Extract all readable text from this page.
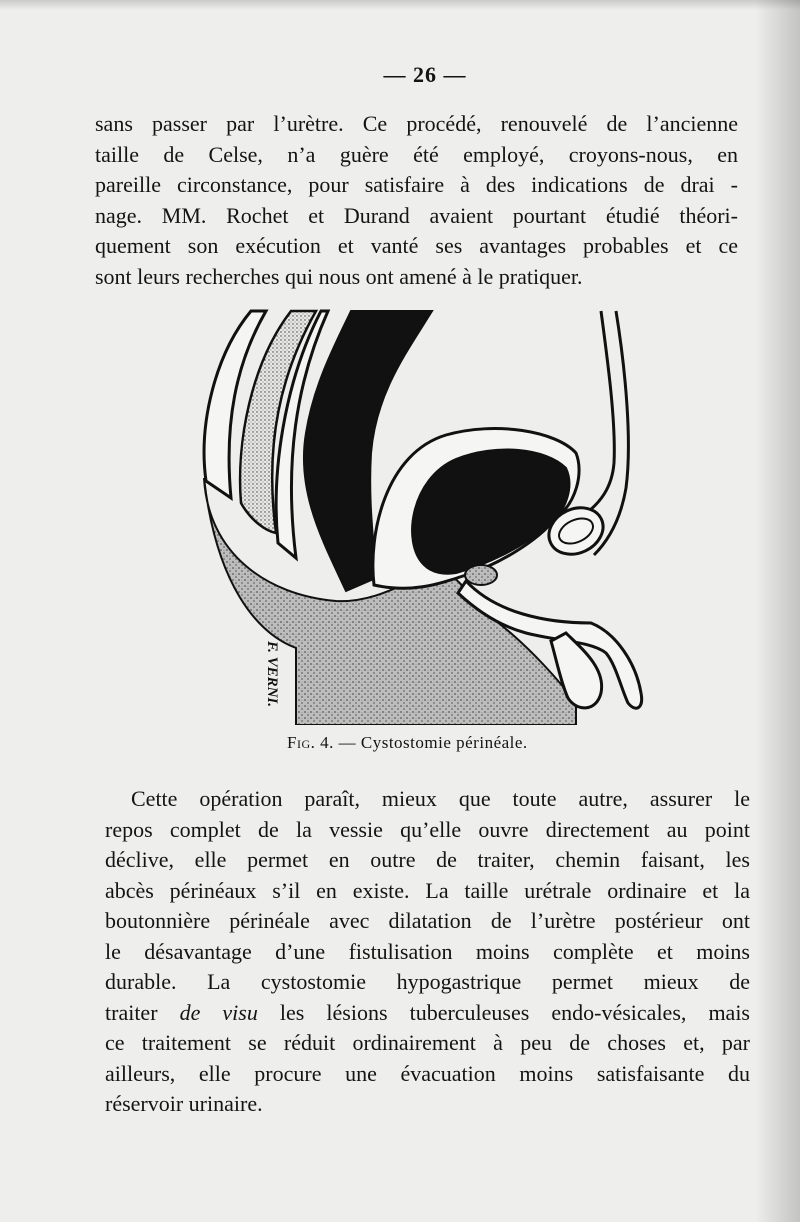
— 26 —

sans passer par l’urètre. Ce procédé, renouvelé de l’ancienne
taille de Celse, n’a guère été employé, croyons-nous, en
pareille circonstance, pour satisfaire à des indications de drai -
nage. MM. Rochet et Durand avaient pourtant étudié théori-
quement son exécution et vanté ses avantages probables et ce
sont leurs recherches qui nous ont amené à le pratiquer.

F. VERNI.
Fig. 4. — Cystostomie périnéale.

Cette opération paraît, mieux que toute autre, assurer le
repos complet de la vessie qu’elle ouvre directement au point
déclive, elle permet en outre de traiter, chemin faisant, les
abcès périnéaux s’il en existe. La taille urétrale ordinaire et la
boutonnière périnéale avec dilatation de l’urètre postérieur ont
le désavantage d’une fistulisation moins complète et moins
durable. La cystostomie hypogastrique permet mieux de
traiter de visu les lésions tuberculeuses endo-vésicales, mais
ce traitement se réduit ordinairement à peu de choses et, par
ailleurs, elle procure une évacuation moins satisfaisante du
réservoir urinaire.
